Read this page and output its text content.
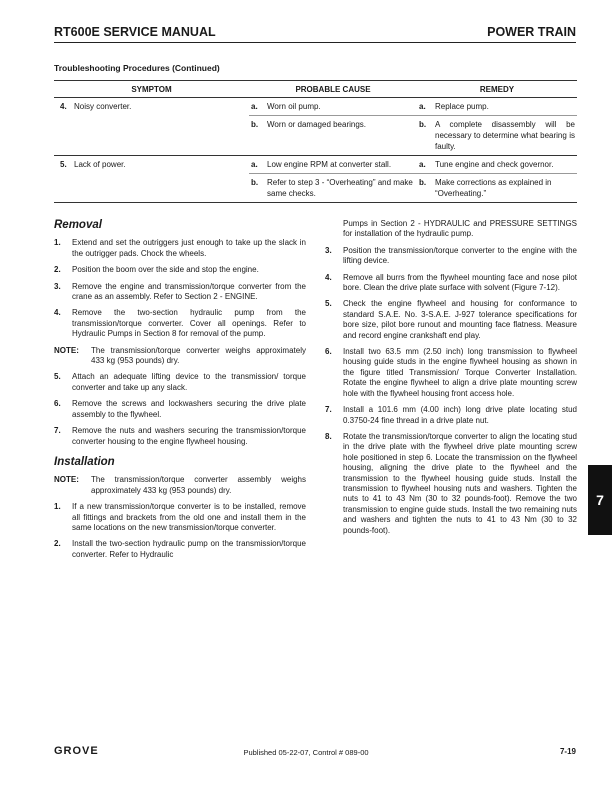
RT600E SERVICE MANUAL	POWER TRAIN
Troubleshooting Procedures (Continued)
SYMPTOM	PROBABLE CAUSE	REMEDY
4. Noisy converter.	a. Worn oil pump.	a. Replace pump.
	b. Worn or damaged bearings.	b. A complete disassembly will be necessary to determine what bearing is faulty.
5. Lack of power.	a. Low engine RPM at converter stall.	a. Tune engine and check governor.
	b. Refer to step 3 - “Overheating” and make same checks.	b. Make corrections as explained in “Overheating.”
Removal
1.	Extend and set the outriggers just enough to take up the slack in the outrigger pads. Chock the wheels.
2.	Position the boom over the side and stop the engine.
3.	Remove the engine and transmission/torque converter from the crane as an assembly. Refer to Section 2 - ENGINE.
4.	Remove the two-section hydraulic pump from the transmission/torque converter. Cover all openings. Refer to Hydraulic Pumps in Section 8 for removal of the pump.
NOTE:	The transmission/torque converter weighs approximately 433 kg (953 pounds) dry.
5.	Attach an adequate lifting device to the transmission/ torque converter and take up any slack.
6.	Remove the screws and lockwashers securing the drive plate assembly to the flywheel.
7.	Remove the nuts and washers securing the transmission/torque converter housing to the engine flywheel housing.
Installation
NOTE:	The transmission/torque converter assembly weighs approximately 433 kg (953 pounds) dry.
1.	If a new transmission/torque converter is to be installed, remove all fittings and brackets from the old one and install them in the same locations on the new transmission/torque converter.
2.	Install the two-section hydraulic pump on the transmission/torque converter. Refer to Hydraulic
Pumps in Section 2 - HYDRAULIC and PRESSURE SETTINGS for installation of the hydraulic pump.
3.	Position the transmission/torque converter to the engine with the lifting device.
4.	Remove all burrs from the flywheel mounting face and nose pilot bore. Clean the drive plate surface with solvent (Figure 7-12).
5.	Check the engine flywheel and housing for conformance to standard S.A.E. No. 3-S.A.E. J-927 tolerance specifications for bore size, pilot bore runout and mounting face flatness. Measure and record engine crankshaft end play.
6.	Install two 63.5 mm (2.50 inch) long transmission to flywheel housing guide studs in the engine flywheel housing as shown in the figure titled Transmission/ Torque Converter Installation. Rotate the engine flywheel to align a drive plate mounting screw hole with the flywheel housing front access hole.
7.	Install a 101.6 mm (4.00 inch) long drive plate locating stud 0.3750-24 fine thread in a drive plate nut.
8.	Rotate the transmission/torque converter to align the locating stud in the drive plate with the flywheel drive plate mounting screw hole positioned in step 6. Locate the transmission on the flywheel housing, aligning the drive plate to the flywheel and the transmission to the flywheel housing guide studs. Install the transmission to flywheel housing nuts and washers. Tighten the nuts to 41 to 43 Nm (30 to 32 pounds-foot). Remove the two transmission to engine guide studs. Install the two remaining nuts and washers and tighten the nuts to 41 to 43 Nm (30 to 32 pounds-foot).
7
GROVE	Published 05-22-07, Control # 089-00	7-19
